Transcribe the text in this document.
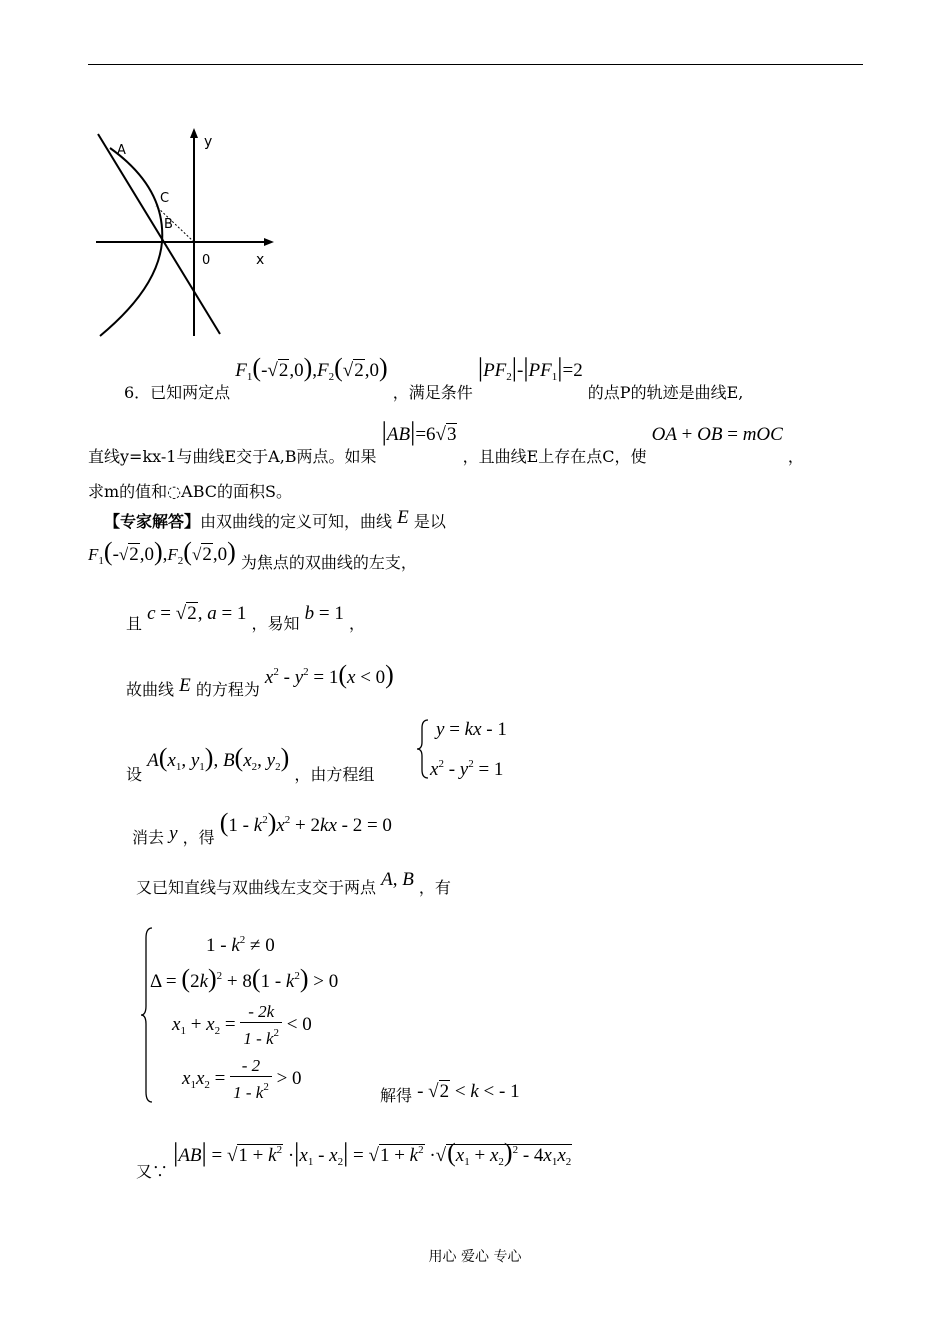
y
x
0
A
B
C
6．已知两定点 $F_1(-√2,0),F_2(√2,0)$ ，满足条件 $|PF_2|-|PF_1|=2$ 的点P的轨迹是曲线E,
直线y=kx-1与曲线E交于A,B两点。如果 |AB|=6√3 ，且曲线E上存在点C，使 OA + OB = mOC ，
求m的值和◌ABC的面积S。
【专家解答】由双曲线的定义可知，曲线 E 是以
$F_1(-√2,0),F_2(√2,0)$ 为焦点的双曲线的左支，
且 c = √2, a = 1 ，易知 b = 1 ，
故曲线 E 的方程为 $x^2 - y^2 = 1(x < 0)$
设 $A(x_1$, $y_1$), $B(x_2$, $y_2$) ，由方程组
y = kx - 1
$x^2 - y^2 = 1$
消去 y ，得 $(1 - k^2)x^2 + 2kx - 2 = 0$
又已知直线与双曲线左支交于两点 A, B ，有
$1 - k^2 \ne 0$
$\Delta = (2k)^2 + 8(1 - k^2) > 0$
$x_1 + x_2 = \frac{- 2k}{1 - k^2} < 0$
$x_1x_2 = \frac{- 2}{1 - k^2} > 0$
解得 - √2 < k < - 1
又∵ $|AB| = √1 + k^2 \cdot|x_1 - x_2| = √1 + k^2 \cdot√(x_1 + x_2)^2 - 4x_1x_2$
用心 爱心 专心
